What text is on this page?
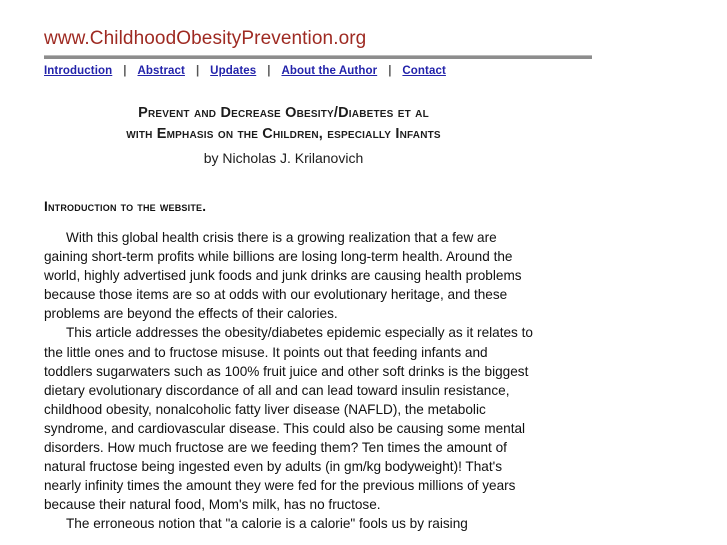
www.ChildhoodObesityPrevention.org
Introduction | Abstract | Updates | About the Author | Contact
Prevent and Decrease Obesity/Diabetes et al
with Emphasis on the Children, especially Infants
by Nicholas J. Krilanovich
Introduction to the website.

With this global health crisis there is a growing realization that a few are gaining short-term profits while billions are losing long-term health. Around the world, highly advertised junk foods and junk drinks are causing health problems because those items are so at odds with our evolutionary heritage, and these problems are beyond the effects of their calories.

This article addresses the obesity/diabetes epidemic especially as it relates to the little ones and to fructose misuse. It points out that feeding infants and toddlers sugarwaters such as 100% fruit juice and other soft drinks is the biggest dietary evolutionary discordance of all and can lead toward insulin resistance, childhood obesity, nonalcoholic fatty liver disease (NAFLD), the metabolic syndrome, and cardiovascular disease. This could also be causing some mental disorders. How much fructose are we feeding them? Ten times the amount of natural fructose being ingested even by adults (in gm/kg bodyweight)! That's nearly infinity times the amount they were fed for the previous millions of years because their natural food, Mom's milk, has no fructose.

The erroneous notion that "a calorie is a calorie" fools us by raising
